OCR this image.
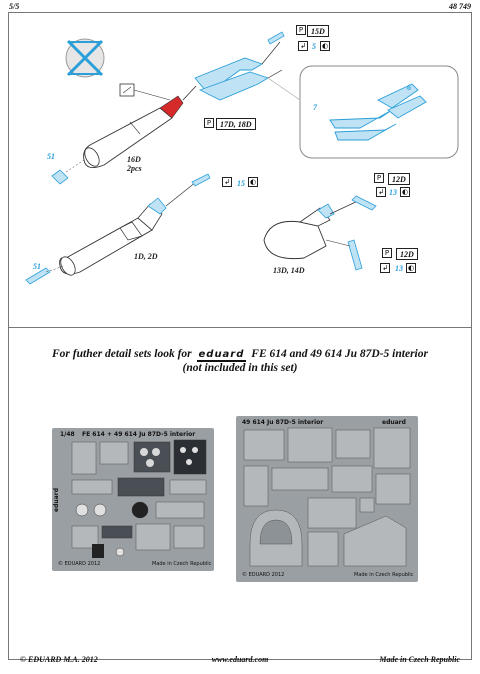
5/5	48 749
16D
2pcs
1D, 2D
13D, 14D
5
6
7
51
51
15
13
13
Р 15D
↲ ◐
Р	17D, 18D
↲	◐	Р	12D
↲	◐
Р	12D
↲	◐
For futher detail sets look for eduard FE 614 and 49 614 Ju 87D-5 interior
(not included in this set)
1/48 FE 614 + 49 614 Ju 87D-5 interior
eduard
© EDUARD 2012	Made in Czech Republic
49 614 Ju 87D-5 interior	eduard
© EDUARD 2012	Made in Czech Republic
© EDUARD M.A. 2012	www.eduard.com	Made in Czech Republic
